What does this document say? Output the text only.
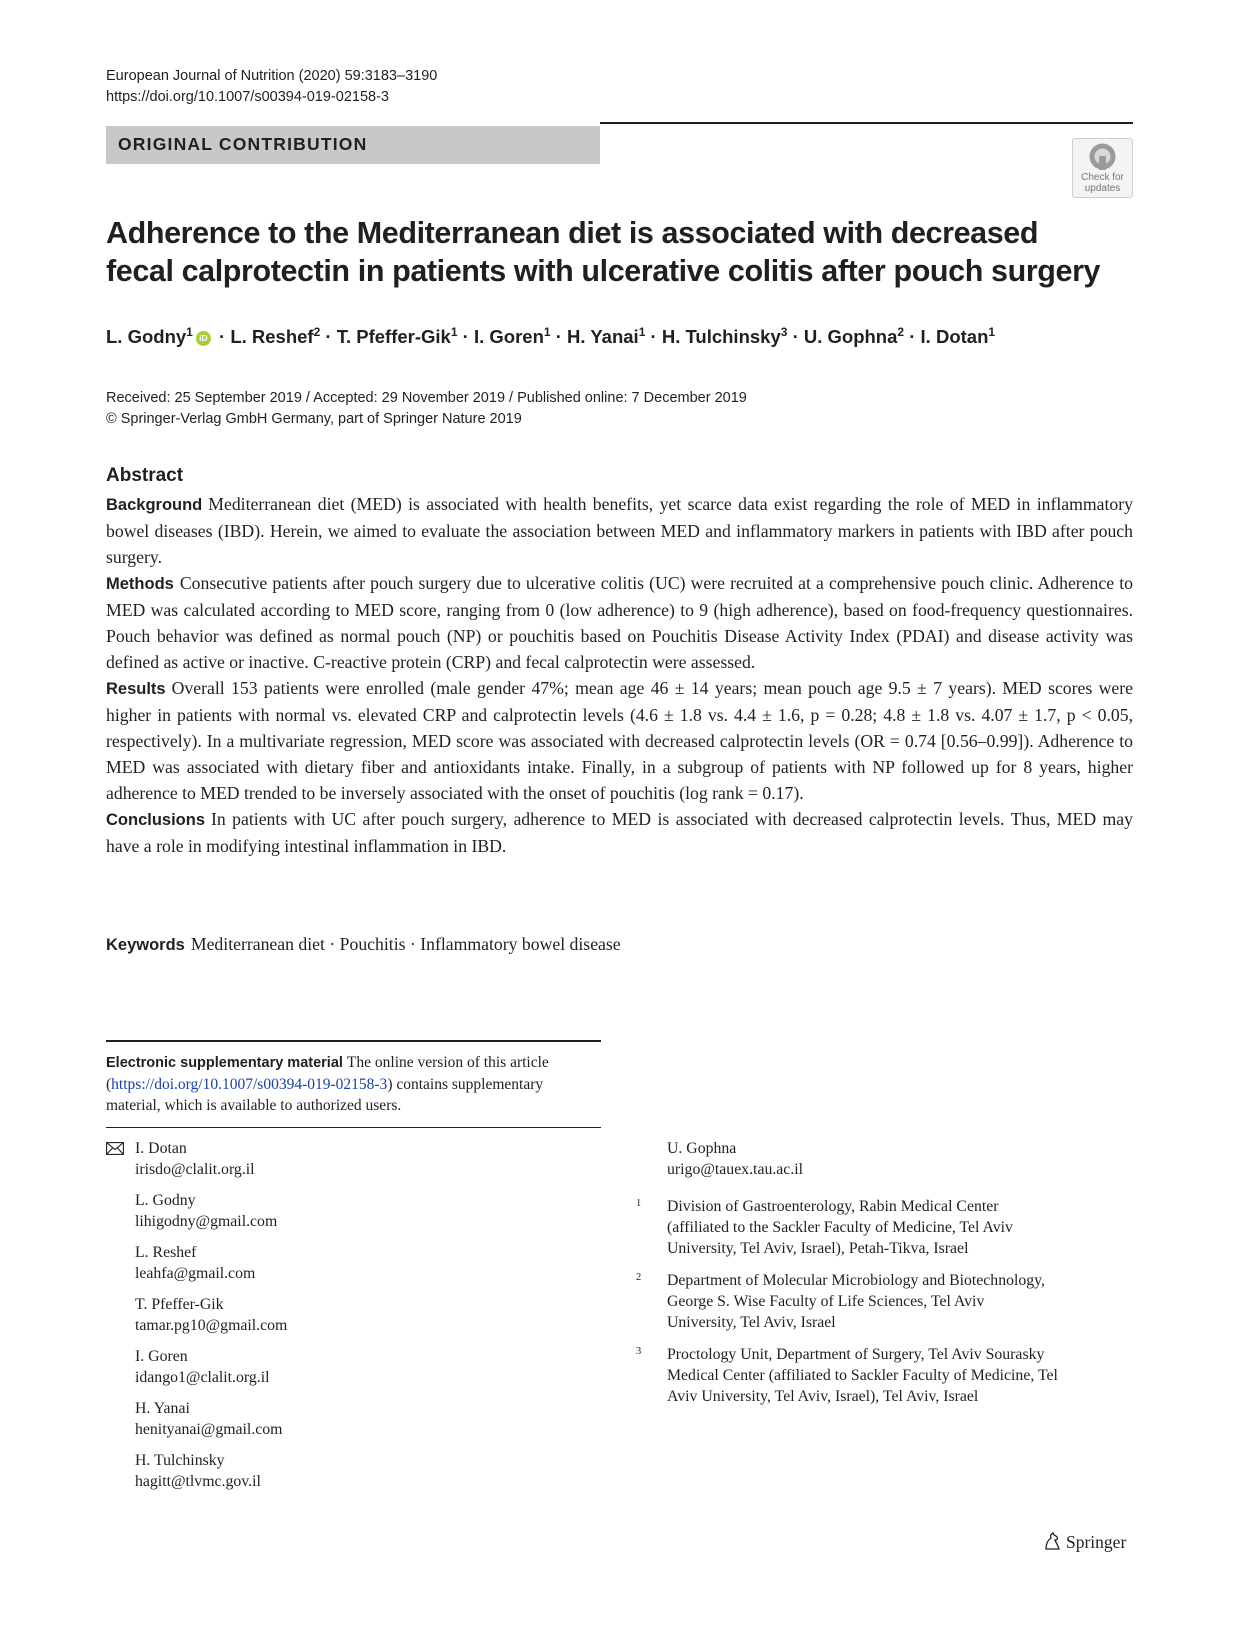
European Journal of Nutrition (2020) 59:3183–3190
https://doi.org/10.1007/s00394-019-02158-3
ORIGINAL CONTRIBUTION
Check for
updates
Adherence to the Mediterranean diet is associated with decreased
fecal calprotectin in patients with ulcerative colitis after pouch surgery
L. Godny$^1$ iD · L. Reshef$^2$ · T. Pfeffer-Gik$^1$ · I. Goren$^1$ · H. Yanai$^1$ · H. Tulchinsky$^3$ · U. Gophna$^2$ · I. Dotan$^1$
Received: 25 September 2019 / Accepted: 29 November 2019 / Published online: 7 December 2019
© Springer-Verlag GmbH Germany, part of Springer Nature 2019
Abstract

Background Mediterranean diet (MED) is associated with health benefits, yet scarce data exist regarding the role of MED in inflammatory bowel diseases (IBD). Herein, we aimed to evaluate the association between MED and inflammatory markers in patients with IBD after pouch surgery.

Methods Consecutive patients after pouch surgery due to ulcerative colitis (UC) were recruited at a comprehensive pouch clinic. Adherence to MED was calculated according to MED score, ranging from 0 (low adherence) to 9 (high adherence), based on food-frequency questionnaires. Pouch behavior was defined as normal pouch (NP) or pouchitis based on Pouchitis Disease Activity Index (PDAI) and disease activity was defined as active or inactive. C-reactive protein (CRP) and fecal calprotectin were assessed.

Results Overall 153 patients were enrolled (male gender 47%; mean age 46 ± 14 years; mean pouch age 9.5 ± 7 years). MED scores were higher in patients with normal vs. elevated CRP and calprotectin levels (4.6 ± 1.8 vs. 4.4 ± 1.6, p = 0.28; 4.8 ± 1.8 vs. 4.07 ± 1.7, p < 0.05, respectively). In a multivariate regression, MED score was associated with decreased calprotectin levels (OR = 0.74 [0.56–0.99]). Adherence to MED was associated with dietary fiber and antioxidants intake. Finally, in a subgroup of patients with NP followed up for 8 years, higher adherence to MED trended to be inversely associated with the onset of pouchitis (log rank = 0.17).

Conclusions In patients with UC after pouch surgery, adherence to MED is associated with decreased calprotectin levels. Thus, MED may have a role in modifying intestinal inflammation in IBD.

Keywords Mediterranean diet · Pouchitis · Inflammatory bowel disease
Electronic supplementary material The online version of this article (https://doi.org/10.1007/s00394-019-02158-3) contains supplementary material, which is available to authorized users.
I. Dotan
irisdo@clalit.org.il
L. Godny
lihigodny@gmail.com
L. Reshef
leahfa@gmail.com
T. Pfeffer-Gik
tamar.pg10@gmail.com
I. Goren
idango1@clalit.org.il
H. Yanai
henityanai@gmail.com
H. Tulchinsky
hagitt@tlvmc.gov.il
U. Gophna
urigo@tauex.tau.ac.il
1 Division of Gastroenterology, Rabin Medical Center
(affiliated to the Sackler Faculty of Medicine, Tel Aviv
University, Tel Aviv, Israel), Petah-Tikva, Israel
2 Department of Molecular Microbiology and Biotechnology,
George S. Wise Faculty of Life Sciences, Tel Aviv
University, Tel Aviv, Israel
3 Proctology Unit, Department of Surgery, Tel Aviv Sourasky
Medical Center (affiliated to Sackler Faculty of Medicine, Tel
Aviv University, Tel Aviv, Israel), Tel Aviv, Israel
Springer
